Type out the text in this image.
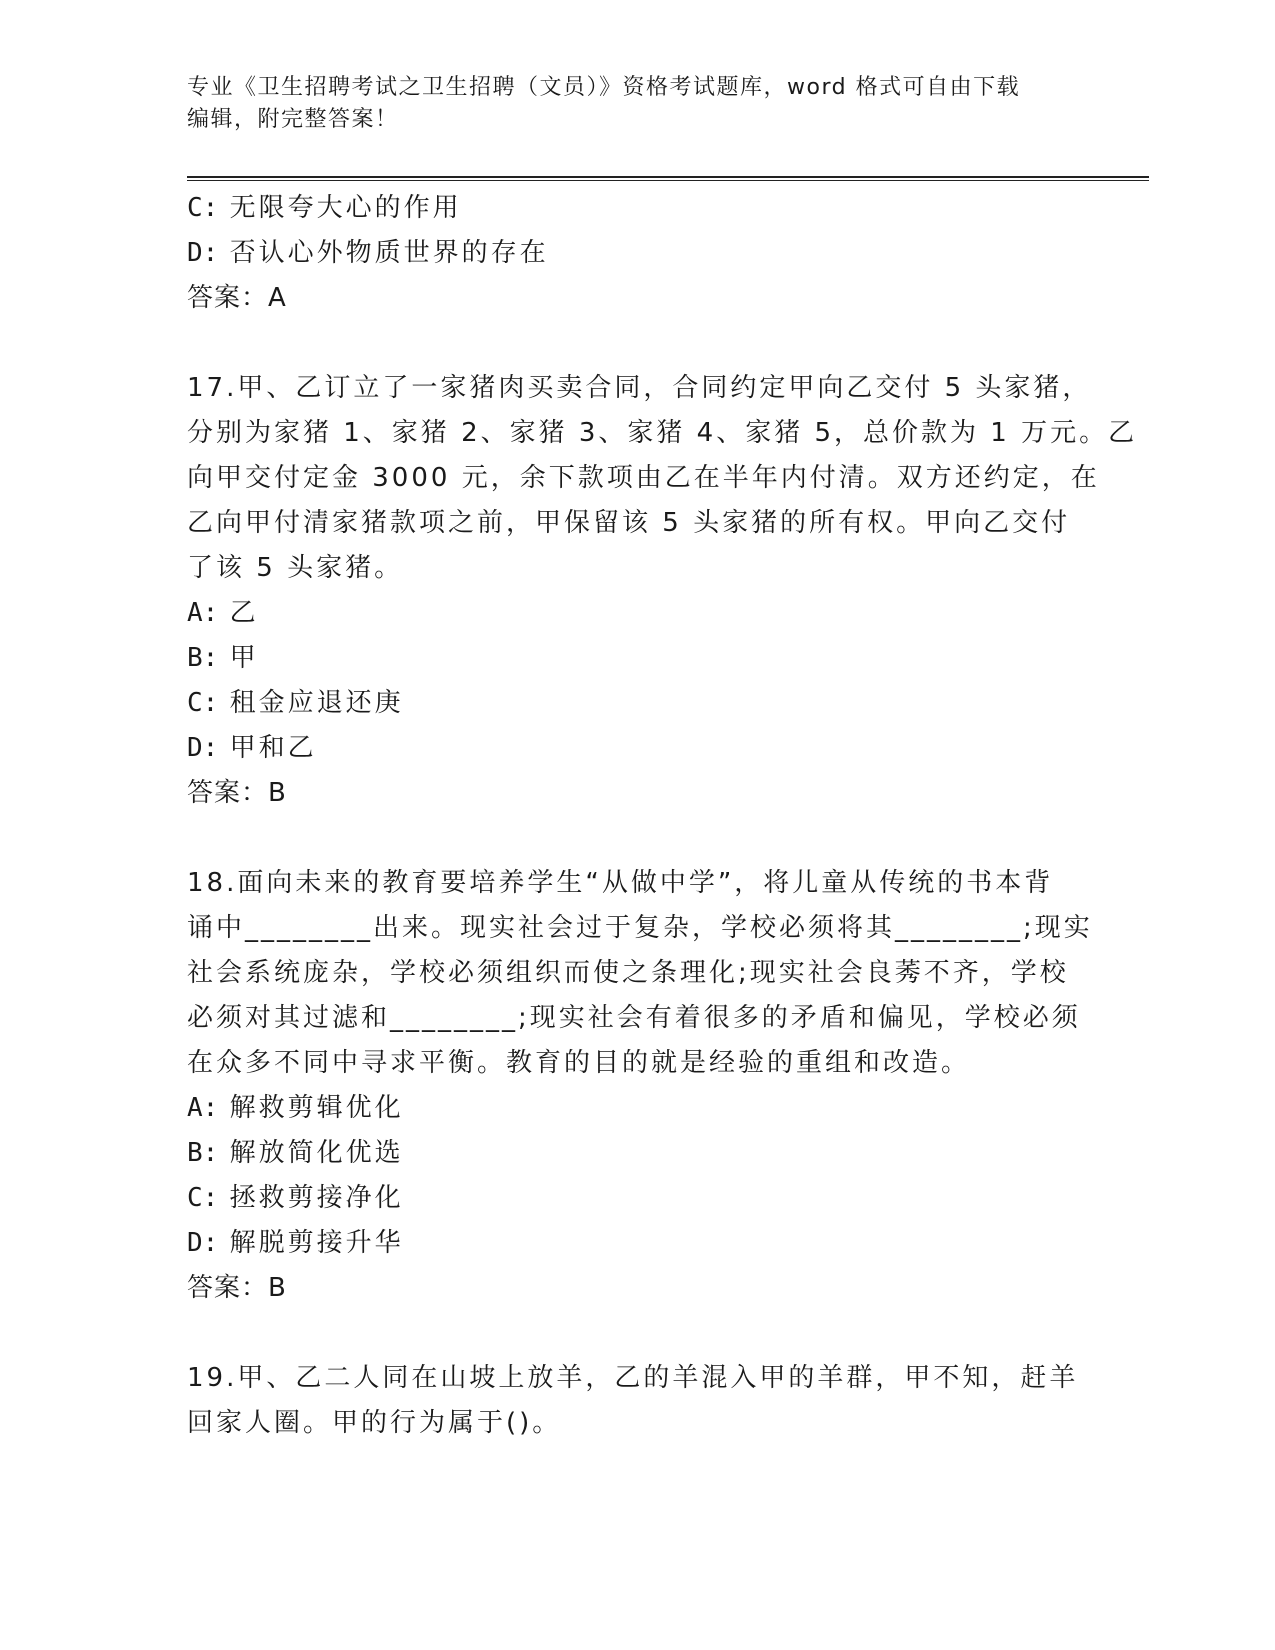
专业《卫生招聘考试之卫生招聘（文员）》资格考试题库，word 格式可自由下载
编辑，附完整答案！
C: 无限夸大心的作用
D: 否认心外物质世界的存在
答案：A
17.甲、乙订立了一家猪肉买卖合同，合同约定甲向乙交付 5 头家猪，
分别为家猪 1、家猪 2、家猪 3、家猪 4、家猪 5，总价款为 1 万元。乙
向甲交付定金 3000 元，余下款项由乙在半年内付清。双方还约定，在
乙向甲付清家猪款项之前，甲保留该 5 头家猪的所有权。甲向乙交付
了该 5 头家猪。
A: 乙
B: 甲
C: 租金应退还庚
D: 甲和乙
答案：B
18.面向未来的教育要培养学生“从做中学”，将儿童从传统的书本背
诵中________出来。现实社会过于复杂，学校必须将其________;现实
社会系统庞杂，学校必须组织而使之条理化;现实社会良莠不齐，学校
必须对其过滤和________;现实社会有着很多的矛盾和偏见，学校必须
在众多不同中寻求平衡。教育的目的就是经验的重组和改造。
A: 解救剪辑优化
B: 解放简化优选
C: 拯救剪接净化
D: 解脱剪接升华
答案：B
19.甲、乙二人同在山坡上放羊，乙的羊混入甲的羊群，甲不知，赶羊
回家人圈。甲的行为属于()。
